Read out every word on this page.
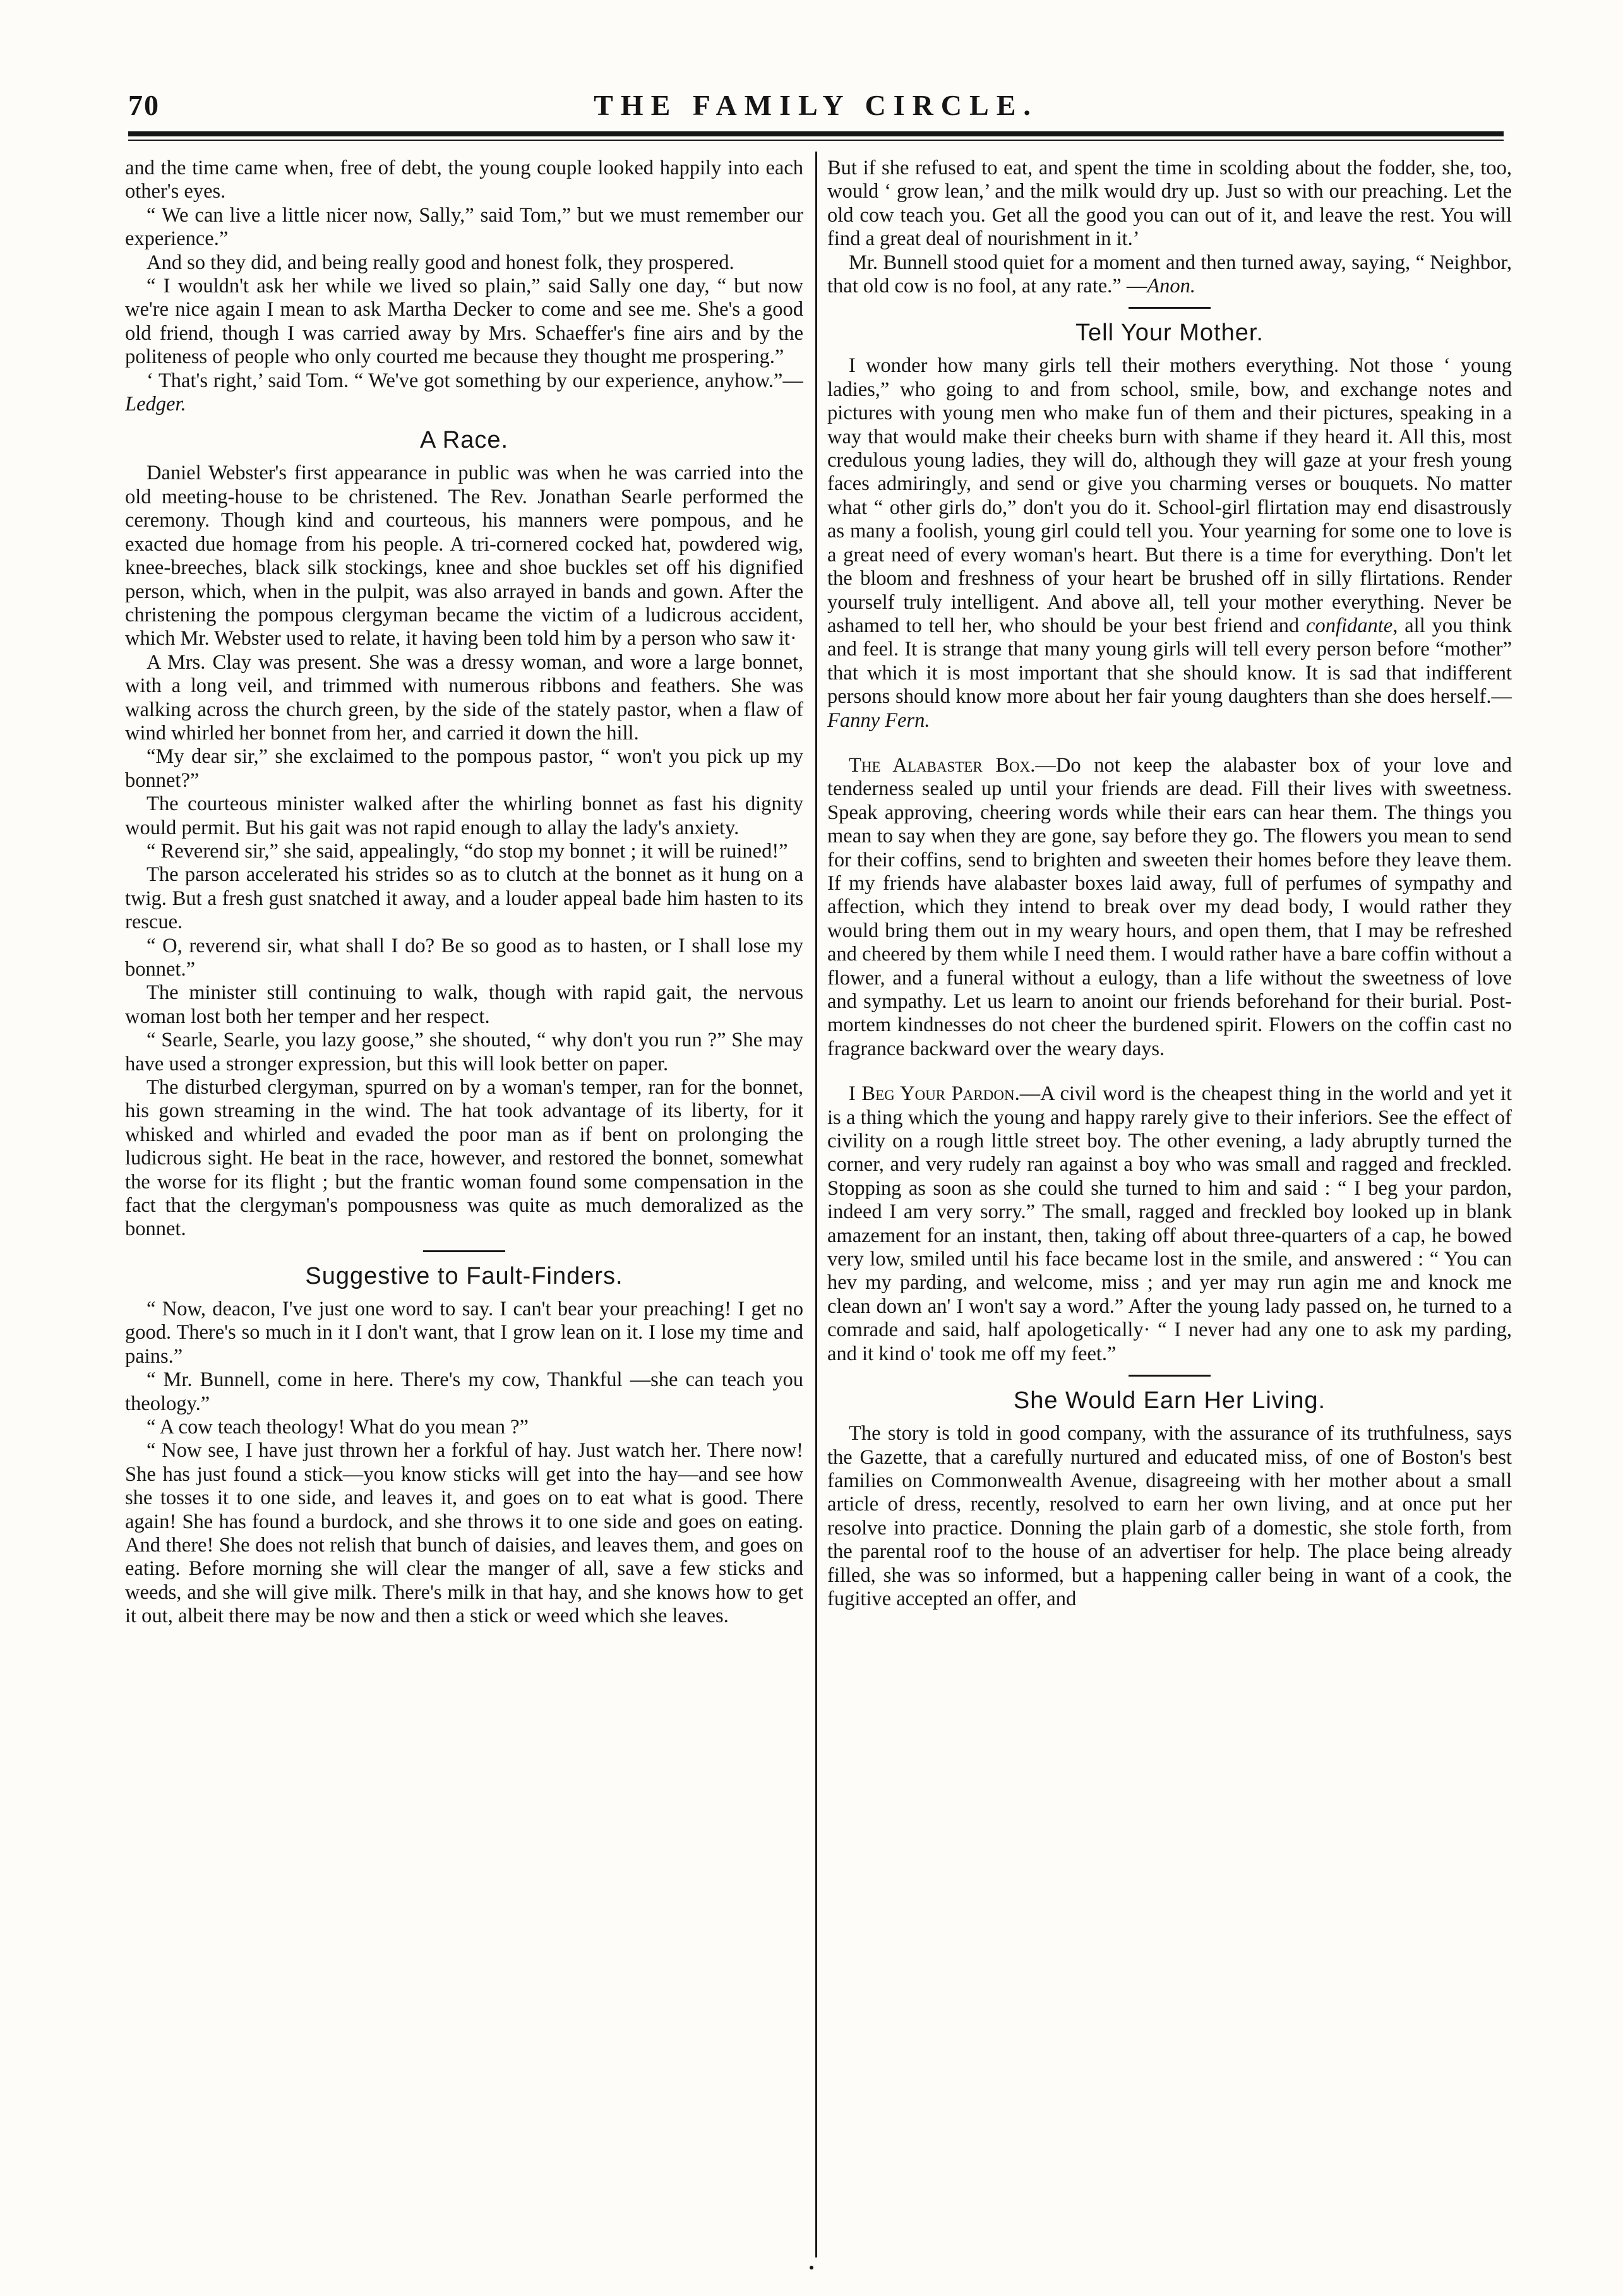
70	THE FAMILY CIRCLE.

and the time came when, free of debt, the young couple looked happily into each other's eyes.

“ We can live a little nicer now, Sally,” said Tom,” but we must remember our experience.”

And so they did, and being really good and honest folk, they prospered.

“ I wouldn't ask her while we lived so plain,” said Sally one day, “ but now we're nice again I mean to ask Martha Decker to come and see me. She's a good old friend, though I was carried away by Mrs. Schaeffer's fine airs and by the politeness of people who only courted me because they thought me prospering.”

‘ That's right,’ said Tom. “ We've got something by our experience, anyhow.”—Ledger.

A Race.

Daniel Webster's first appearance in public was when he was carried into the old meeting-house to be christened. The Rev. Jonathan Searle performed the ceremony. Though kind and courteous, his manners were pompous, and he exacted due homage from his people. A tri-cornered cocked hat, powdered wig, knee-breeches, black silk stockings, knee and shoe buckles set off his dignified person, which, when in the pulpit, was also arrayed in bands and gown. After the christening the pompous clergyman became the victim of a ludicrous accident, which Mr. Webster used to relate, it having been told him by a person who saw it·

A Mrs. Clay was present. She was a dressy woman, and wore a large bonnet, with a long veil, and trimmed with numerous ribbons and feathers. She was walking across the church green, by the side of the stately pastor, when a flaw of wind whirled her bonnet from her, and carried it down the hill.

“My dear sir,” she exclaimed to the pompous pastor, “ won't you pick up my bonnet?”

The courteous minister walked after the whirling bonnet as fast his dignity would permit. But his gait was not rapid enough to allay the lady's anxiety.

“ Reverend sir,” she said, appealingly, “do stop my bonnet ; it will be ruined!”

The parson accelerated his strides so as to clutch at the bonnet as it hung on a twig. But a fresh gust snatched it away, and a louder appeal bade him hasten to its rescue.

“ O, reverend sir, what shall I do? Be so good as to hasten, or I shall lose my bonnet.”

The minister still continuing to walk, though with rapid gait, the nervous woman lost both her temper and her respect.

“ Searle, Searle, you lazy goose,” she shouted, “ why don't you run ?” She may have used a stronger expression, but this will look better on paper.

The disturbed clergyman, spurred on by a woman's temper, ran for the bonnet, his gown streaming in the wind. The hat took advantage of its liberty, for it whisked and whirled and evaded the poor man as if bent on prolonging the ludicrous sight. He beat in the race, however, and restored the bonnet, somewhat the worse for its flight ; but the frantic woman found some compensation in the fact that the clergyman's pompousness was quite as much demoralized as the bonnet.

Suggestive to Fault-Finders.

“ Now, deacon, I've just one word to say. I can't bear your preaching! I get no good. There's so much in it I don't want, that I grow lean on it. I lose my time and pains.”

“ Mr. Bunnell, come in here. There's my cow, Thankful —she can teach you theology.”

“ A cow teach theology! What do you mean ?”

“ Now see, I have just thrown her a forkful of hay. Just watch her. There now! She has just found a stick—you know sticks will get into the hay—and see how she tosses it to one side, and leaves it, and goes on to eat what is good. There again! She has found a burdock, and she throws it to one side and goes on eating. And there! She does not relish that bunch of daisies, and leaves them, and goes on eating. Before morning she will clear the manger of all, save a few sticks and weeds, and she will give milk. There's milk in that hay, and she knows how to get it out, albeit there may be now and then a stick or weed which she leaves.

But if she refused to eat, and spent the time in scolding about the fodder, she, too, would ‘ grow lean,’ and the milk would dry up. Just so with our preaching. Let the old cow teach you. Get all the good you can out of it, and leave the rest. You will find a great deal of nourishment in it.’

Mr. Bunnell stood quiet for a moment and then turned away, saying, “ Neighbor, that old cow is no fool, at any rate.” —Anon.

Tell Your Mother.

I wonder how many girls tell their mothers everything. Not those ‘ young ladies,” who going to and from school, smile, bow, and exchange notes and pictures with young men who make fun of them and their pictures, speaking in a way that would make their cheeks burn with shame if they heard it. All this, most credulous young ladies, they will do, although they will gaze at your fresh young faces admiringly, and send or give you charming verses or bouquets. No matter what “ other girls do,” don't you do it. School-girl flirtation may end disastrously as many a foolish, young girl could tell you. Your yearning for some one to love is a great need of every woman's heart. But there is a time for everything. Don't let the bloom and freshness of your heart be brushed off in silly flirtations. Render yourself truly intelligent. And above all, tell your mother everything. Never be ashamed to tell her, who should be your best friend and confidante, all you think and feel. It is strange that many young girls will tell every person before “mother” that which it is most important that she should know. It is sad that indifferent persons should know more about her fair young daughters than she does herself.—Fanny Fern.

The Alabaster Box.—Do not keep the alabaster box of your love and tenderness sealed up until your friends are dead. Fill their lives with sweetness. Speak approving, cheering words while their ears can hear them. The things you mean to say when they are gone, say before they go. The flowers you mean to send for their coffins, send to brighten and sweeten their homes before they leave them. If my friends have alabaster boxes laid away, full of perfumes of sympathy and affection, which they intend to break over my dead body, I would rather they would bring them out in my weary hours, and open them, that I may be refreshed and cheered by them while I need them. I would rather have a bare coffin without a flower, and a funeral without a eulogy, than a life without the sweetness of love and sympathy. Let us learn to anoint our friends beforehand for their burial. Post-mortem kindnesses do not cheer the burdened spirit. Flowers on the coffin cast no fragrance backward over the weary days.

I Beg Your Pardon.—A civil word is the cheapest thing in the world and yet it is a thing which the young and happy rarely give to their inferiors. See the effect of civility on a rough little street boy. The other evening, a lady abruptly turned the corner, and very rudely ran against a boy who was small and ragged and freckled. Stopping as soon as she could she turned to him and said : “ I beg your pardon, indeed I am very sorry.” The small, ragged and freckled boy looked up in blank amazement for an instant, then, taking off about three-quarters of a cap, he bowed very low, smiled until his face became lost in the smile, and answered : “ You can hev my parding, and welcome, miss ; and yer may run agin me and knock me clean down an' I won't say a word.” After the young lady passed on, he turned to a comrade and said, half apologetically· “ I never had any one to ask my parding, and it kind o' took me off my feet.”

She Would Earn Her Living.

The story is told in good company, with the assurance of its truthfulness, says the Gazette, that a carefully nurtured and educated miss, of one of Boston's best families on Commonwealth Avenue, disagreeing with her mother about a small article of dress, recently, resolved to earn her own living, and at once put her resolve into practice. Donning the plain garb of a domestic, she stole forth, from the parental roof to the house of an advertiser for help. The place being already filled, she was so informed, but a happening caller being in want of a cook, the fugitive accepted an offer, and
